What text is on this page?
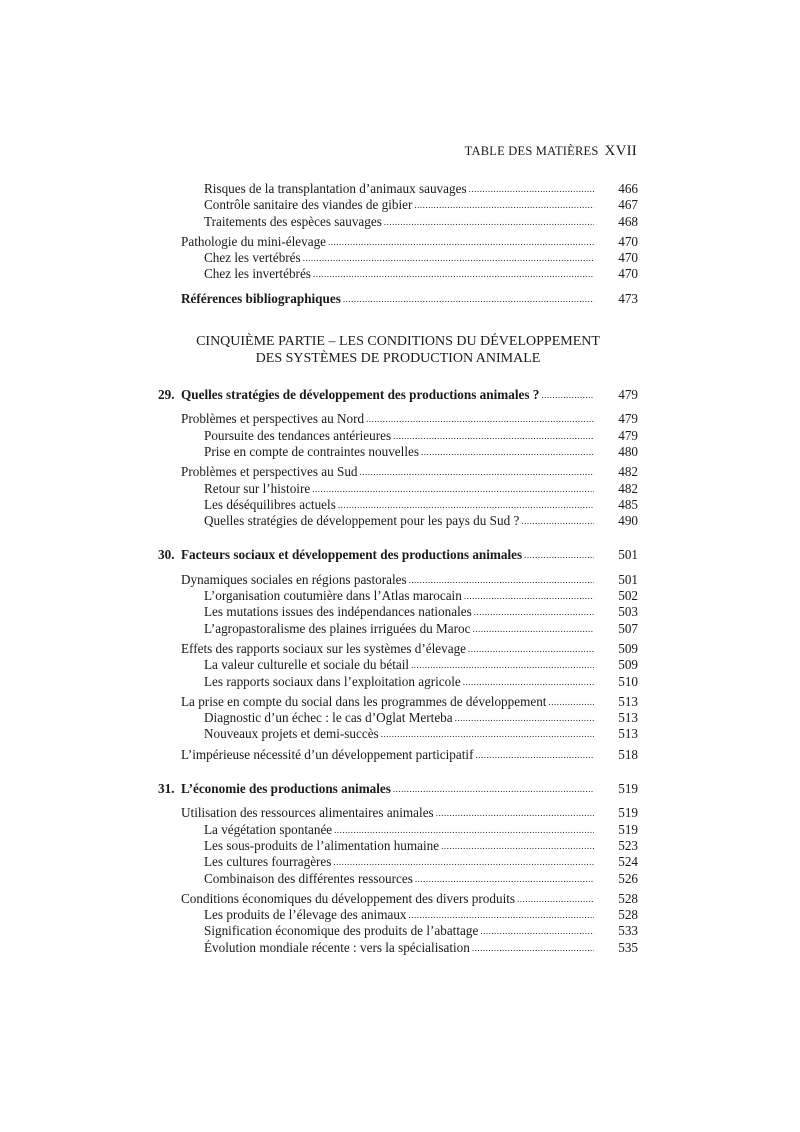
TABLE DES MATIÈRES XVII
Risques de la transplantation d’animaux sauvages .....	466
Contrôle sanitaire des viandes de gibier .....	467
Traitements des espèces sauvages .....	468
Pathologie du mini-élevage .....	470
Chez les vertébrés .....	470
Chez les invertébrés .....	470
Références bibliographiques .....	473
CINQUIÈME PARTIE – LES CONDITIONS DU DÉVELOPPEMENT
DES SYSTÈMES DE PRODUCTION ANIMALE
29. Quelles stratégies de développement des productions animales ? .....	479
Problèmes et perspectives au Nord .....	479
Poursuite des tendances antérieures .....	479
Prise en compte de contraintes nouvelles .....	480
Problèmes et perspectives au Sud .....	482
Retour sur l’histoire .....	482
Les déséquilibres actuels .....	485
Quelles stratégies de développement pour les pays du Sud ? .....	490
30. Facteurs sociaux et développement des productions animales .....	501
Dynamiques sociales en régions pastorales .....	501
L’organisation coutumière dans l’Atlas marocain .....	502
Les mutations issues des indépendances nationales .....	503
L’agropastoralisme des plaines irriguées du Maroc .....	507
Effets des rapports sociaux sur les systèmes d’élevage .....	509
La valeur culturelle et sociale du bétail .....	509
Les rapports sociaux dans l’exploitation agricole .....	510
La prise en compte du social dans les programmes de développement .....	513
Diagnostic d’un échec : le cas d’Oglat Merteba .....	513
Nouveaux projets et demi-succès .....	513
L’impérieuse nécessité d’un développement participatif .....	518
31. L’économie des productions animales .....	519
Utilisation des ressources alimentaires animales .....	519
La végétation spontanée .....	519
Les sous-produits de l’alimentation humaine .....	523
Les cultures fourragères .....	524
Combinaison des différentes ressources .....	526
Conditions économiques du développement des divers produits .....	528
Les produits de l’élevage des animaux .....	528
Signification économique des produits de l’abattage .....	533
Évolution mondiale récente : vers la spécialisation .....	535
